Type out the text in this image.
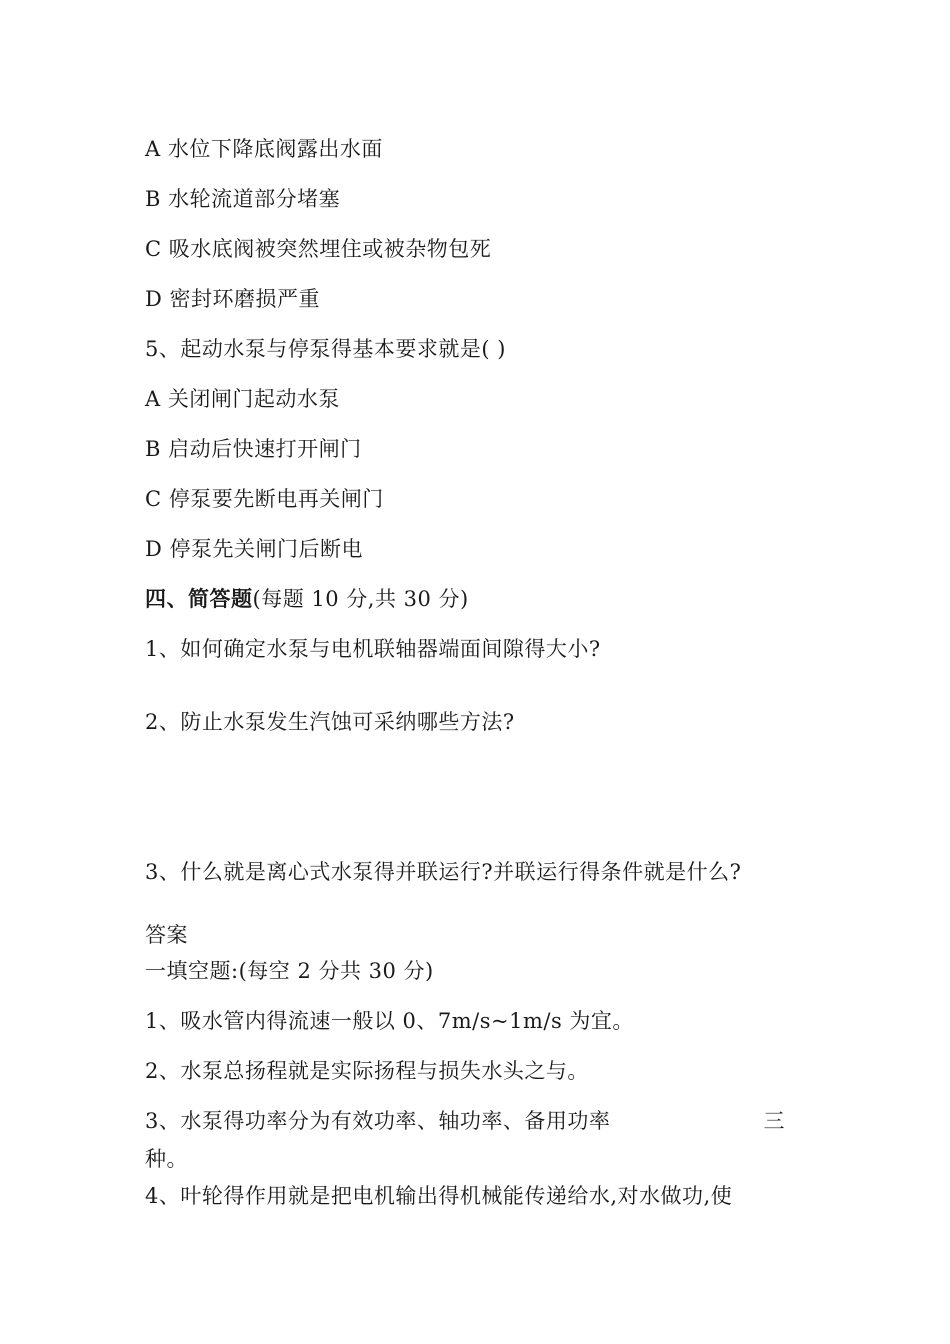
A 水位下降底阀露出水面
B 水轮流道部分堵塞
C 吸水底阀被突然埋住或被杂物包死
D 密封环磨损严重
5、起动水泵与停泵得基本要求就是( )
A 关闭闸门起动水泵
B 启动后快速打开闸门
C 停泵要先断电再关闸门
D 停泵先关闸门后断电
四、简答题(每题 10 分,共 30 分)
1、如何确定水泵与电机联轴器端面间隙得大小?
2、防止水泵发生汽蚀可采纳哪些方法?
3、什么就是离心式水泵得并联运行?并联运行得条件就是什么?
答案
一填空题:(每空 2 分共 30 分)
1、吸水管内得流速一般以 0、7m/s~1m/s 为宜。
2、水泵总扬程就是实际扬程与损失水头之与。
3、水泵得功率分为有效功率、轴功率、备用功率	三
种。
4、叶轮得作用就是把电机输出得机械能传递给水,对水做功,使
